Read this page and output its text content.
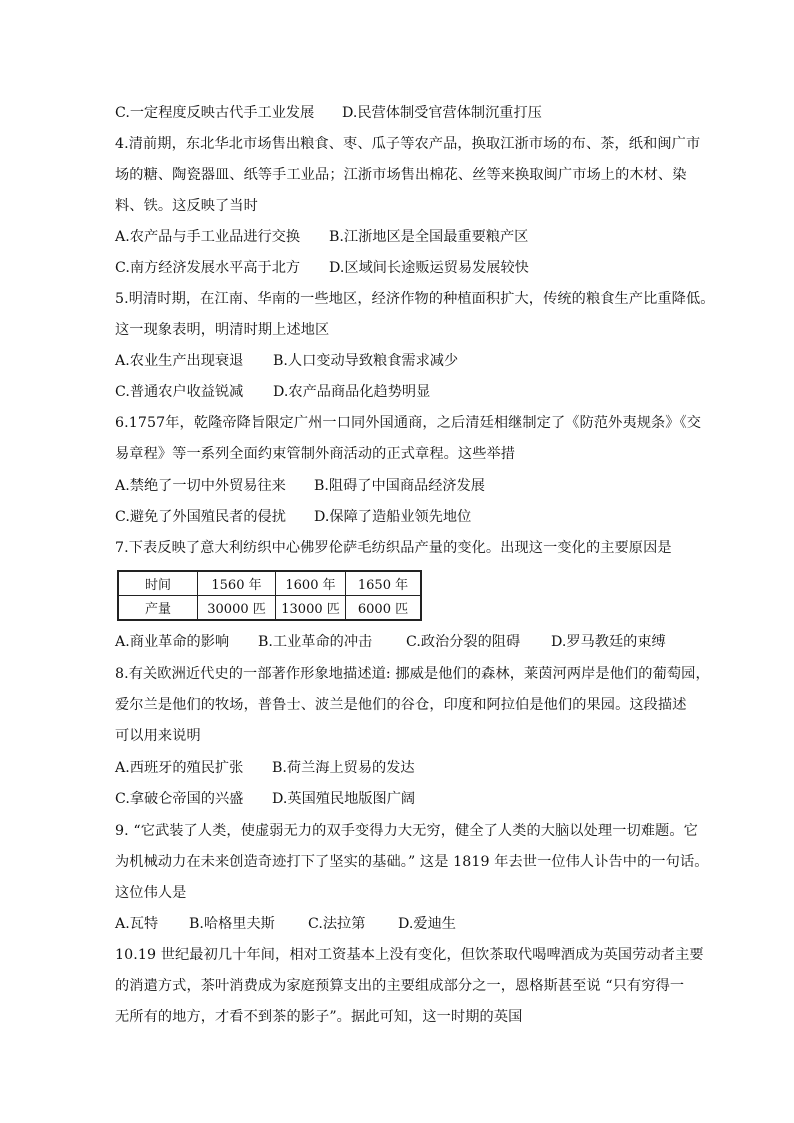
C.一定程度反映古代手工业发展 D.民营体制受官营体制沉重打压
4.清前期，东北华北市场售出粮食、枣、瓜子等农产品，换取江浙市场的布、茶，纸和闽广市
场的糖、陶瓷器皿、纸等手工业品；江浙市场售出棉花、丝等来换取闽广市场上的木材、染
料、铁。这反映了当时
A.农产品与手工业品进行交换 B.江浙地区是全国最重要粮产区
C.南方经济发展水平高于北方 D.区域间长途贩运贸易发展较快
5.明清时期，在江南、华南的一些地区，经济作物的种植面积扩大，传统的粮食生产比重降低。
这一现象表明，明清时期上述地区
A.农业生产出现衰退 B.人口变动导致粮食需求减少
C.普通农户收益锐减 D.农产品商品化趋势明显
6.1757年，乾隆帝降旨限定广州一口同外国通商，之后清廷相继制定了《防范外夷规条》《交
易章程》等一系列全面约束管制外商活动的正式章程。这些举措
A.禁绝了一切中外贸易往来 B.阻碍了中国商品经济发展
C.避免了外国殖民者的侵扰 D.保障了造船业领先地位
7.下表反映了意大利纺织中心佛罗伦萨毛纺织品产量的变化。出现这一变化的主要原因是
时间	1560 年	1600 年	1650 年
产量	30000 匹	13000 匹	6000 匹
A.商业革命的影响 B.工业革命的冲击 C.政治分裂的阻碍 D.罗马教廷的束缚
8.有关欧洲近代史的一部著作形象地描述道: 挪威是他们的森林，莱茵河两岸是他们的葡萄园，
爱尔兰是他们的牧场，普鲁士、波兰是他们的谷仓，印度和阿拉伯是他们的果园。这段描述
可以用来说明
A.西班牙的殖民扩张 B.荷兰海上贸易的发达
C.拿破仑帝国的兴盛 D.英国殖民地版图广阔
9. “它武装了人类，使虚弱无力的双手变得力大无穷，健全了人类的大脑以处理一切难题。它
为机械动力在未来创造奇迹打下了坚实的基础。” 这是 1819 年去世一位伟人讣告中的一句话。
这位伟人是
A.瓦特 B.哈格里夫斯 C.法拉第 D.爱迪生
10.19 世纪最初几十年间，相对工资基本上没有变化，但饮茶取代喝啤酒成为英国劳动者主要
的消遣方式，茶叶消费成为家庭预算支出的主要组成部分之一，恩格斯甚至说 “只有穷得一
无所有的地方，才看不到茶的影子”。据此可知，这一时期的英国
